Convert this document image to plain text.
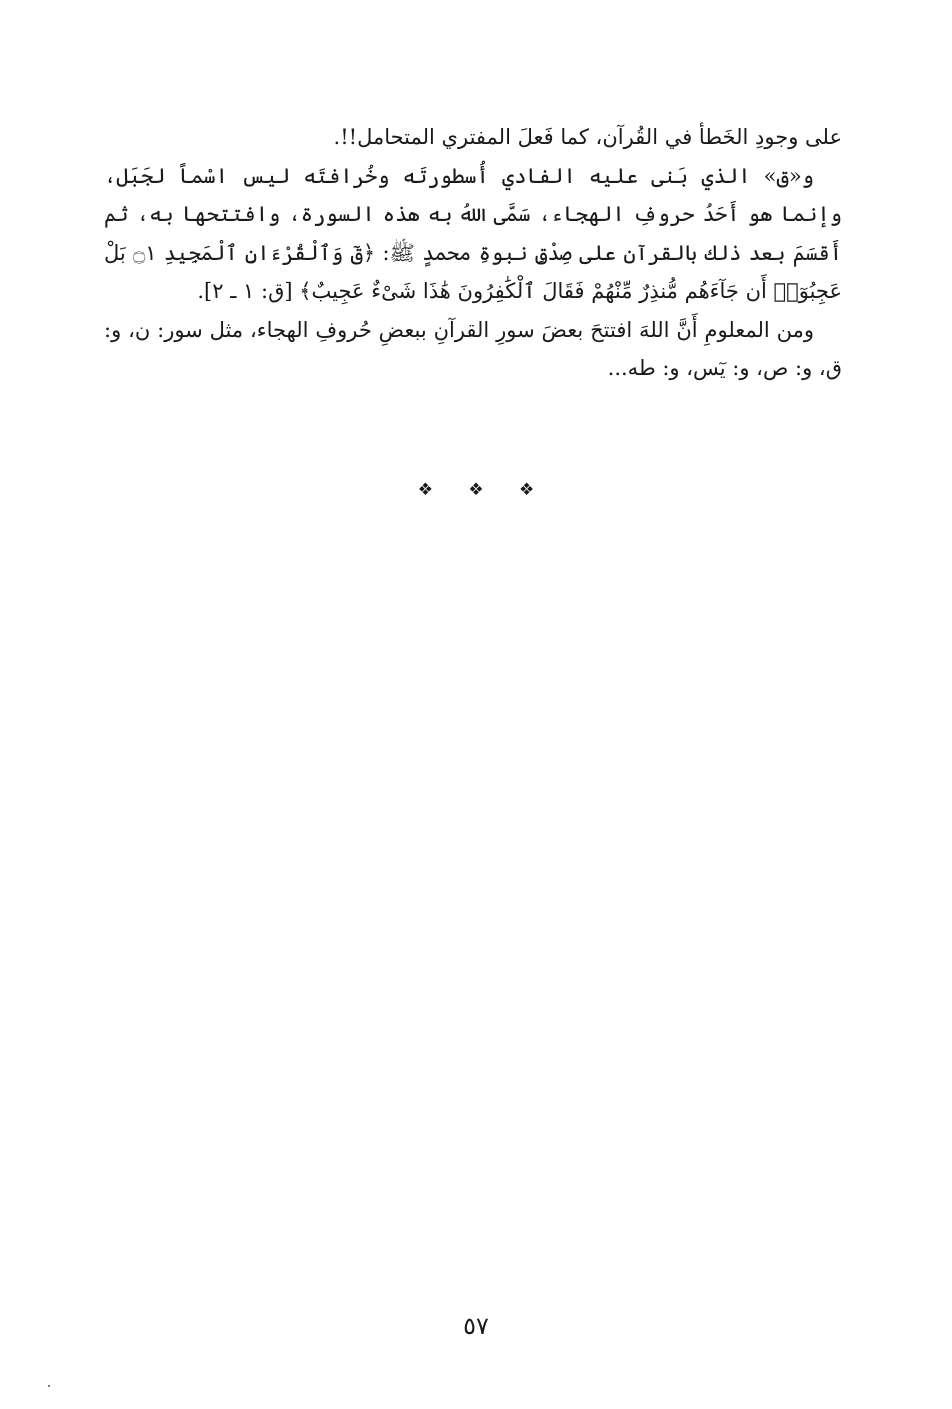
على وجودِ الخَطأ في القُرآن، كما فَعلَ المفتري المتحامل!!.

و«ق» الذي بَنى عليه الفادي أُسطورتَه وخُرافتَه ليس اسْماً لجَبَل، وإنما هو أَحَدُ حروفِ الهجاء، سَمَّى اللهُ به هذه السورة، وافتتحها به، ثم أَقسَمَ بعد ذلك بالقرآن على صِدْقِ نبوةِ محمدٍ ﷺ: ﴿قٓ وَٱلْقُرْءَانِ ٱلْمَجِيدِ ۝١ بَلْ عَجِبُوٓا۟ أَن جَآءَهُم مُّنذِرٌ مِّنْهُمْ فَقَالَ ٱلْكَٰفِرُونَ هَٰذَا شَىْءٌ عَجِيبٌ﴾ [ق: ١ ـ ٢].

ومن المعلومِ أَنَّ اللهَ افتتحَ بعضَ سورِ القرآنِ ببعضِ حُروفِ الهجاء، مثل سور: ن، و: ق، و: ص، و: يٓس، و: طه...

❖ ❖ ❖
٥٧
